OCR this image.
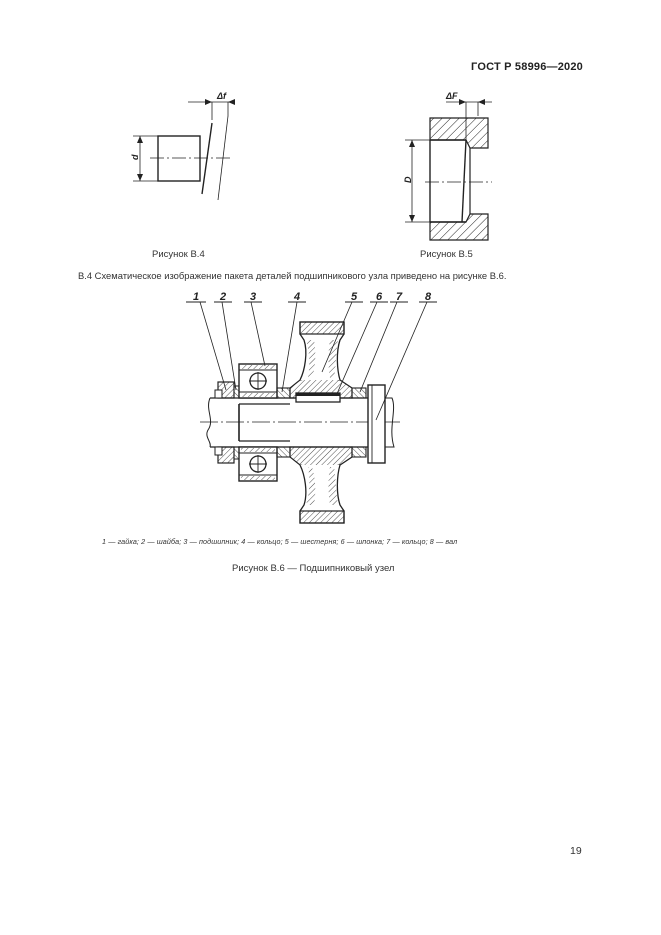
ГОСТ Р 58996—2020
Δf
d
ΔF
D
1 2 3	4	5 6 7 8
Рисунок В.4	Рисунок В.5
В.4 Схематическое изображение пакета деталей подшипникового узла приведено на рисунке В.6.
1 — гайка; 2 — шайба; 3 — подшипник; 4 — кольцо; 5 — шестерня; 6 — шпонка; 7 — кольцо; 8 — вал
Рисунок В.6 — Подшипниковый узел
19
